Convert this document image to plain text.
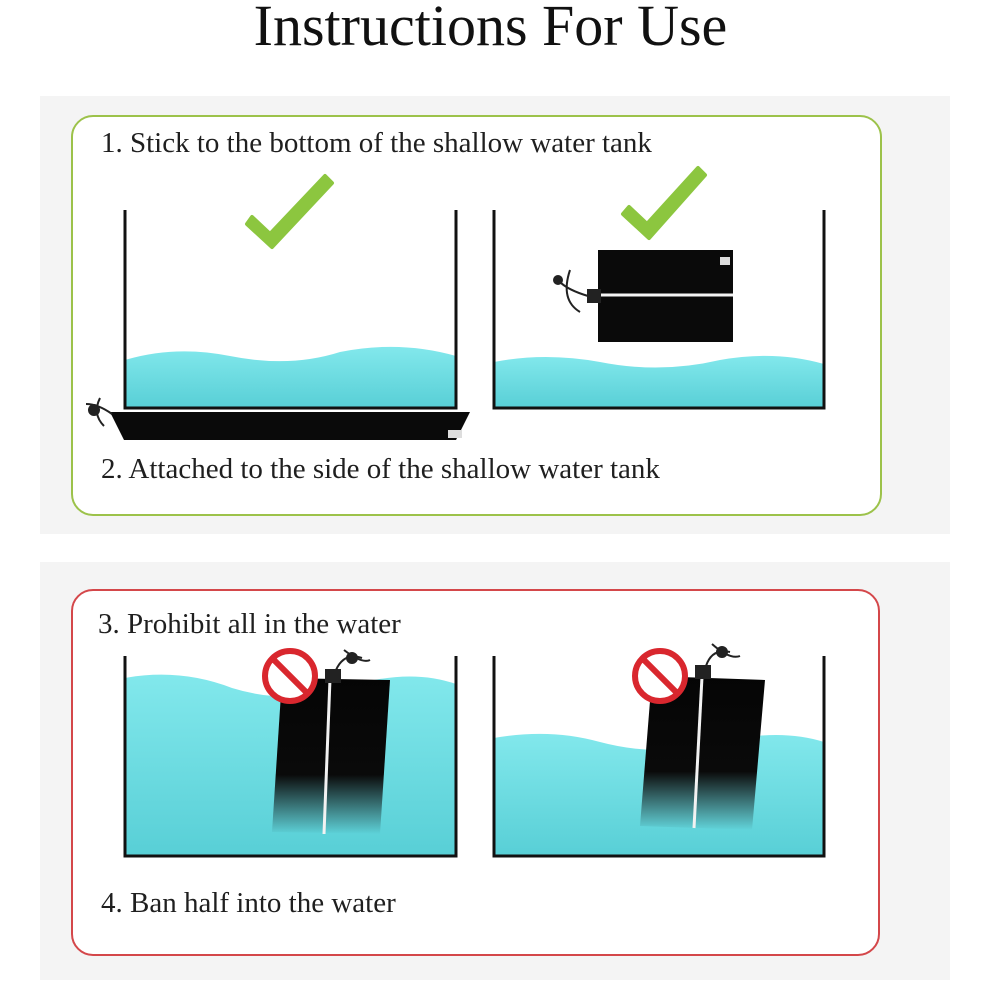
Instructions For Use
1. Stick to the bottom of the shallow water tank
2. Attached to the side of the shallow water tank
3. Prohibit all in the water
4. Ban half into the water
